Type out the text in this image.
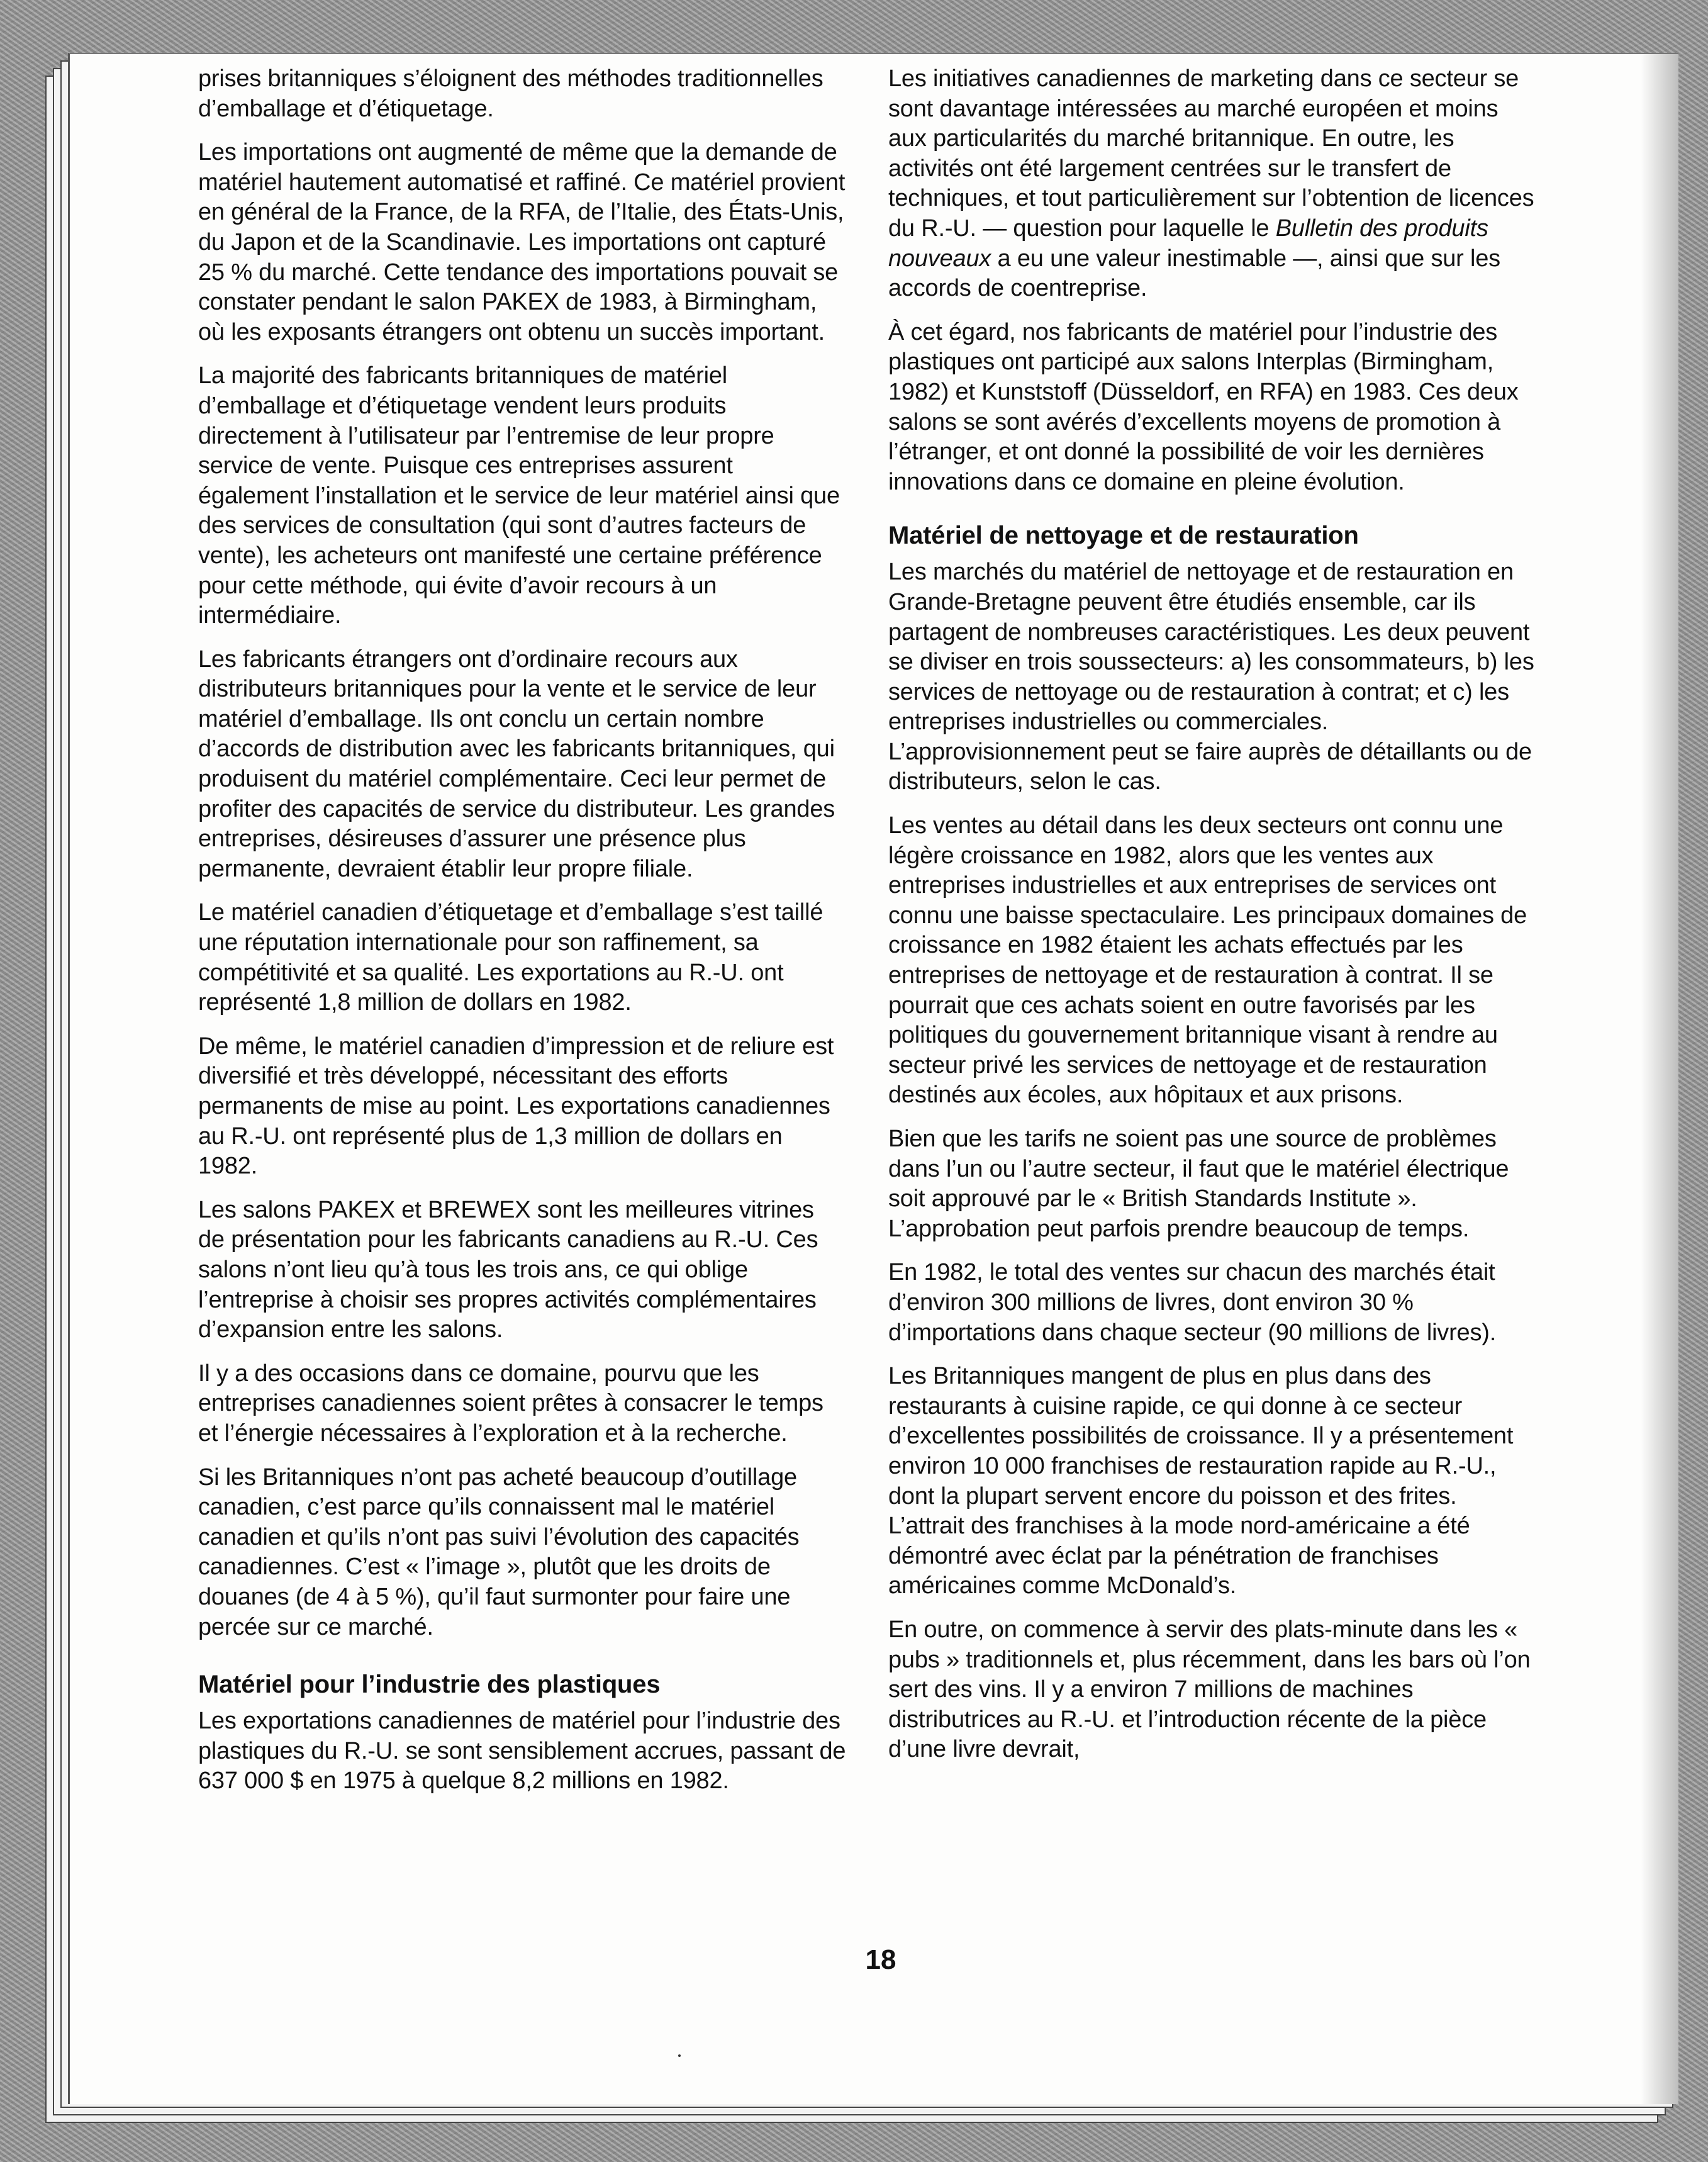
prises britanniques s’éloignent des méthodes traditionnelles d’emballage et d’étiquetage.

Les importations ont augmenté de même que la demande de matériel hautement automatisé et raffiné. Ce matériel provient en général de la France, de la RFA, de l’Italie, des États-Unis, du Japon et de la Scandinavie. Les importations ont capturé 25 % du marché. Cette tendance des importations pouvait se constater pendant le salon PAKEX de 1983, à Birmingham, où les exposants étrangers ont obtenu un succès important.

La majorité des fabricants britanniques de matériel d’emballage et d’étiquetage vendent leurs produits directement à l’utilisateur par l’entremise de leur propre service de vente. Puisque ces entreprises assurent également l’installation et le service de leur matériel ainsi que des services de consultation (qui sont d’autres facteurs de vente), les acheteurs ont manifesté une certaine préférence pour cette méthode, qui évite d’avoir recours à un intermédiaire.

Les fabricants étrangers ont d’ordinaire recours aux distributeurs britanniques pour la vente et le service de leur matériel d’emballage. Ils ont conclu un certain nombre d’accords de distribution avec les fabricants britanniques, qui produisent du matériel complémentaire. Ceci leur permet de profiter des capacités de service du distributeur. Les grandes entreprises, désireuses d’assurer une présence plus permanente, devraient établir leur propre filiale.

Le matériel canadien d’étiquetage et d’emballage s’est taillé une réputation internationale pour son raffinement, sa compétitivité et sa qualité. Les exportations au R.-U. ont représenté 1,8 million de dollars en 1982.

De même, le matériel canadien d’impression et de reliure est diversifié et très développé, nécessitant des efforts permanents de mise au point. Les exportations canadiennes au R.-U. ont représenté plus de 1,3 million de dollars en 1982.

Les salons PAKEX et BREWEX sont les meilleures vitrines de présentation pour les fabricants canadiens au R.-U. Ces salons n’ont lieu qu’à tous les trois ans, ce qui oblige l’entreprise à choisir ses propres activités complémentaires d’expansion entre les salons.

Il y a des occasions dans ce domaine, pourvu que les entreprises canadiennes soient prêtes à consacrer le temps et l’énergie nécessaires à l’exploration et à la recherche.

Si les Britanniques n’ont pas acheté beaucoup d’outillage canadien, c’est parce qu’ils connaissent mal le matériel canadien et qu’ils n’ont pas suivi l’évolution des capacités canadiennes. C’est « l’image », plutôt que les droits de douanes (de 4 à 5 %), qu’il faut surmonter pour faire une percée sur ce marché.

Matériel pour l’industrie des plastiques

Les exportations canadiennes de matériel pour l’industrie des plastiques du R.-U. se sont sensiblement accrues, passant de 637 000 $ en 1975 à quelque 8,2 millions en 1982.

Les initiatives canadiennes de marketing dans ce secteur se sont davantage intéressées au marché européen et moins aux particularités du marché britannique. En outre, les activités ont été largement centrées sur le transfert de techniques, et tout particulièrement sur l’obtention de licences du R.-U. — question pour laquelle le Bulletin des produits nouveaux a eu une valeur inestimable —, ainsi que sur les accords de coentreprise.

À cet égard, nos fabricants de matériel pour l’industrie des plastiques ont participé aux salons Interplas (Birmingham, 1982) et Kunststoff (Düsseldorf, en RFA) en 1983. Ces deux salons se sont avérés d’excellents moyens de promotion à l’étranger, et ont donné la possibilité de voir les dernières innovations dans ce domaine en pleine évolution.

Matériel de nettoyage et de restauration

Les marchés du matériel de nettoyage et de restauration en Grande-Bretagne peuvent être étudiés ensemble, car ils partagent de nombreuses caractéristiques. Les deux peuvent se diviser en trois soussecteurs: a) les consommateurs, b) les services de nettoyage ou de restauration à contrat; et c) les entreprises industrielles ou commerciales. L’approvisionnement peut se faire auprès de détaillants ou de distributeurs, selon le cas.

Les ventes au détail dans les deux secteurs ont connu une légère croissance en 1982, alors que les ventes aux entreprises industrielles et aux entreprises de services ont connu une baisse spectaculaire. Les principaux domaines de croissance en 1982 étaient les achats effectués par les entreprises de nettoyage et de restauration à contrat. Il se pourrait que ces achats soient en outre favorisés par les politiques du gouvernement britannique visant à rendre au secteur privé les services de nettoyage et de restauration destinés aux écoles, aux hôpitaux et aux prisons.

Bien que les tarifs ne soient pas une source de problèmes dans l’un ou l’autre secteur, il faut que le matériel électrique soit approuvé par le « British Standards Institute ». L’approbation peut parfois prendre beaucoup de temps.

En 1982, le total des ventes sur chacun des marchés était d’environ 300 millions de livres, dont environ 30 % d’importations dans chaque secteur (90 millions de livres).

Les Britanniques mangent de plus en plus dans des restaurants à cuisine rapide, ce qui donne à ce secteur d’excellentes possibilités de croissance. Il y a présentement environ 10 000 franchises de restauration rapide au R.-U., dont la plupart servent encore du poisson et des frites. L’attrait des franchises à la mode nord-américaine a été démontré avec éclat par la pénétration de franchises américaines comme McDonald’s.

En outre, on commence à servir des plats-minute dans les « pubs » traditionnels et, plus récemment, dans les bars où l’on sert des vins. Il y a environ 7 millions de machines distributrices au R.-U. et l’introduction récente de la pièce d’une livre devrait,

18
